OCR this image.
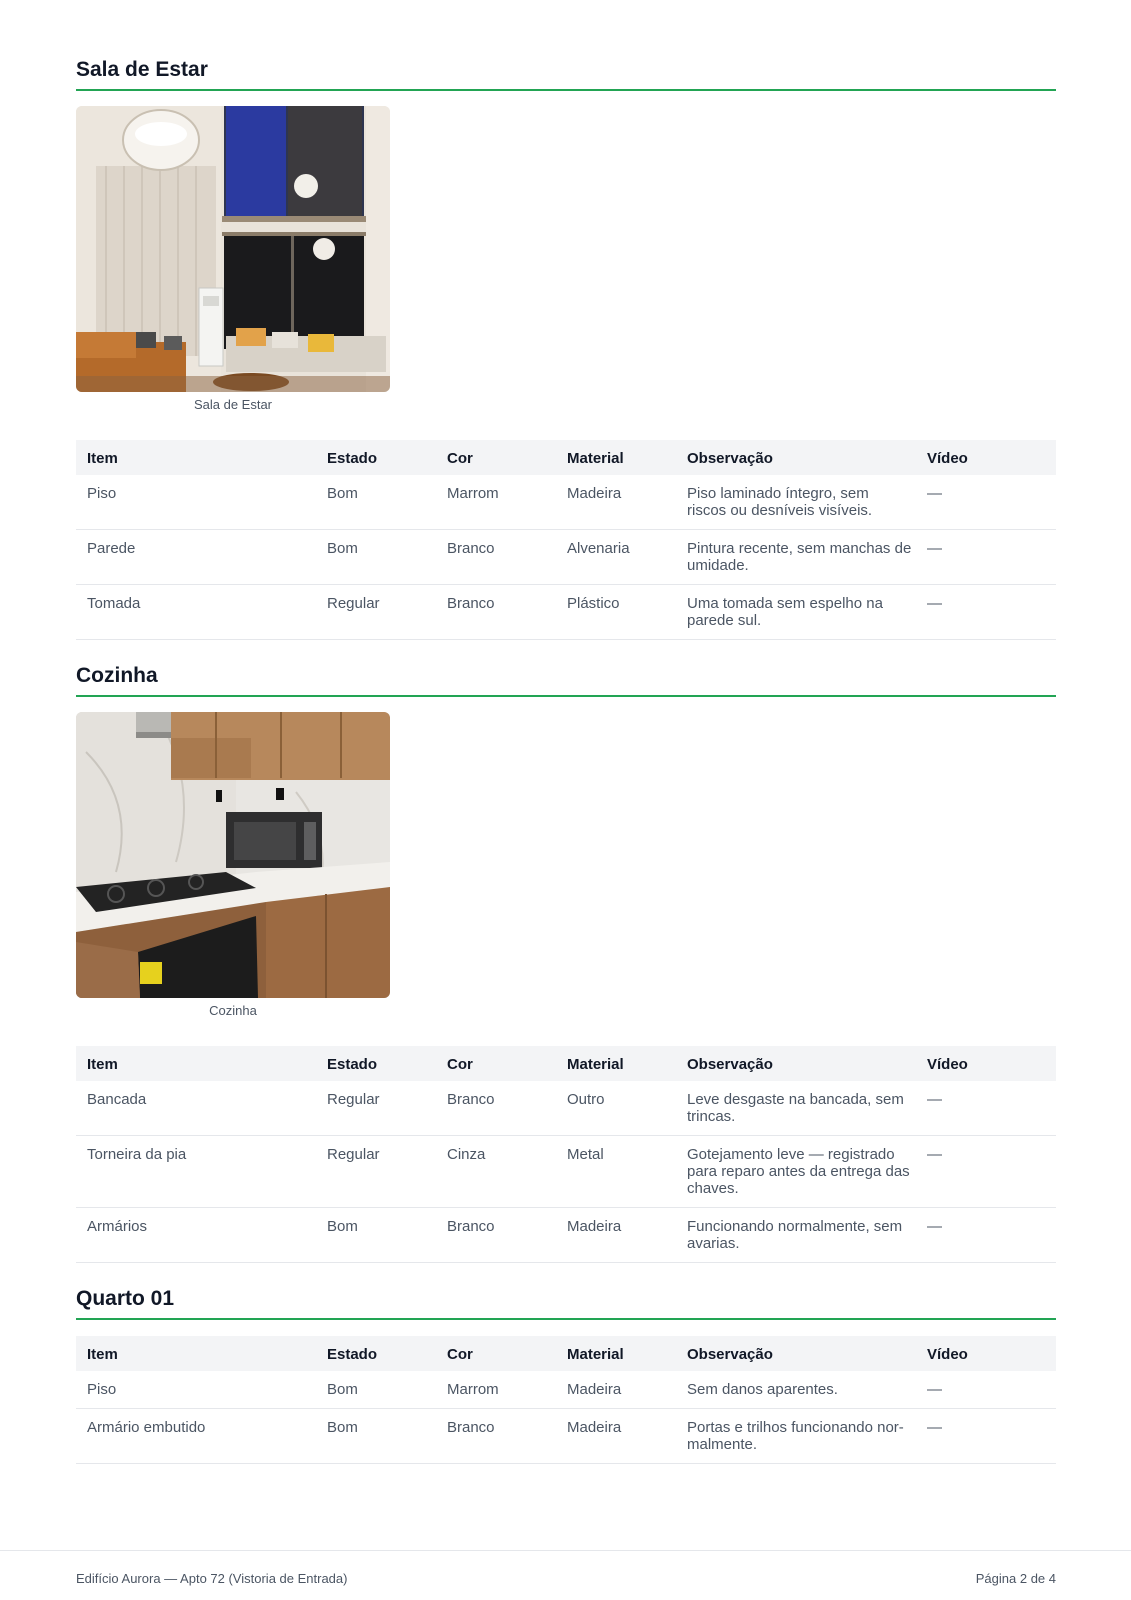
Sala de Estar
Sala de Estar
Item	Estado	Cor	Material	Observação	Vídeo
Piso	Bom	Marrom	Madeira	Piso laminado íntegro, sem riscos ou desníveis visíveis.	—
Parede	Bom	Branco	Alvenaria	Pintura recente, sem manchas de umidade.	—
Tomada	Regular	Branco	Plástico	Uma tomada sem espelho na parede sul.	—
Cozinha
Cozinha
Item	Estado	Cor	Material	Observação	Vídeo
Bancada	Regular	Branco	Outro	Leve desgaste na bancada, sem trincas.	—
Torneira da pia	Regular	Cinza	Metal	Gotejamento leve — registrado para reparo antes da entrega das chaves.	—
Armários	Bom	Branco	Madeira	Funcionando normalmente, sem avarias.	—
Quarto 01
Item	Estado	Cor	Material	Observação	Vídeo
Piso	Bom	Marrom	Madeira	Sem danos aparentes.	—
Armário embutido	Bom	Branco	Madeira	Portas e trilhos funcionando normalmente.	—
Edifício Aurora — Apto 72 (Vistoria de Entrada)	Página 2 de 4
